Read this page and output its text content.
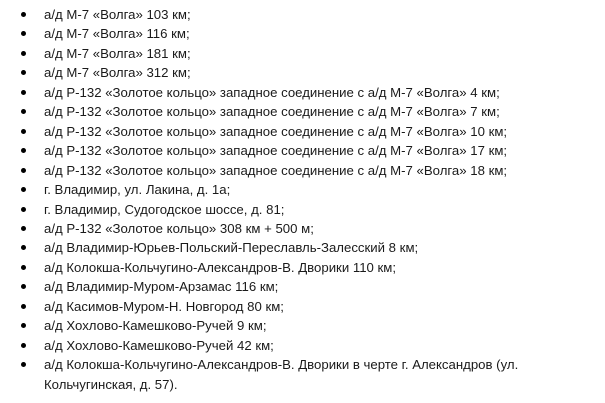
а/д М-7 «Волга» 103 км;
а/д М-7 «Волга» 116 км;
а/д М-7 «Волга» 181 км;
а/д М-7 «Волга» 312 км;
а/д Р-132 «Золотое кольцо» западное соединение с а/д М-7 «Волга» 4 км;
а/д Р-132 «Золотое кольцо» западное соединение с а/д М-7 «Волга» 7 км;
а/д Р-132 «Золотое кольцо» западное соединение с а/д М-7 «Волга» 10 км;
а/д Р-132 «Золотое кольцо» западное соединение с а/д М-7 «Волга» 17 км;
а/д Р-132 «Золотое кольцо» западное соединение с а/д М-7 «Волга» 18 км;
г. Владимир, ул. Лакина, д. 1а;
г. Владимир, Судогодское шоссе, д. 81;
а/д Р-132 «Золотое кольцо» 308 км + 500 м;
а/д Владимир-Юрьев-Польский-Переславль-Залесский 8 км;
а/д Колокша-Кольчугино-Александров-В. Дворики 110 км;
а/д Владимир-Муром-Арзамас 116 км;
а/д Касимов-Муром-Н. Новгород 80 км;
а/д Хохлово-Камешково-Ручей 9 км;
а/д Хохлово-Камешково-Ручей 42 км;
а/д Колокша-Кольчугино-Александров-В. Дворики в черте г. Александров (ул. Кольчугинская, д. 57).
